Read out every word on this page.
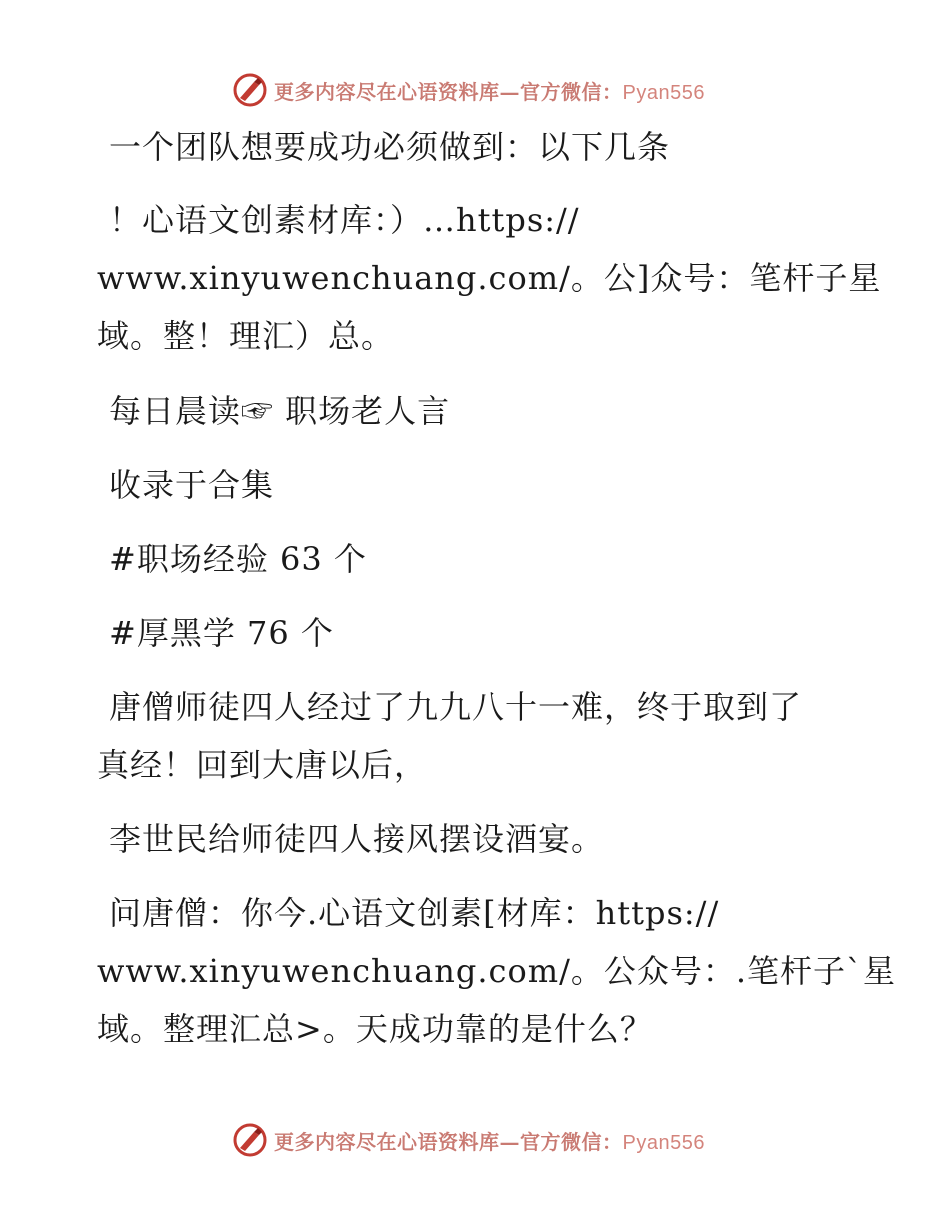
更多内容尽在心语资料库—官方微信：Pyan556
一个团队想要成功必须做到：以下几条
！心语文创素材库：）…https://
www.xinyuwenchuang.com/。公]众号：笔杆子星
域。整！理汇）总。
每日晨读☞ 职场老人言
收录于合集
#职场经验 63 个
#厚黑学 76 个
唐僧师徒四人经过了九九八十一难，终于取到了
真经！回到大唐以后，
李世民给师徒四人接风摆设酒宴。
问唐僧：你今.心语文创素[材库：https://
www.xinyuwenchuang.com/。公众号：.笔杆子`星
域。整理汇总>。天成功靠的是什么？
更多内容尽在心语资料库—官方微信：Pyan556
